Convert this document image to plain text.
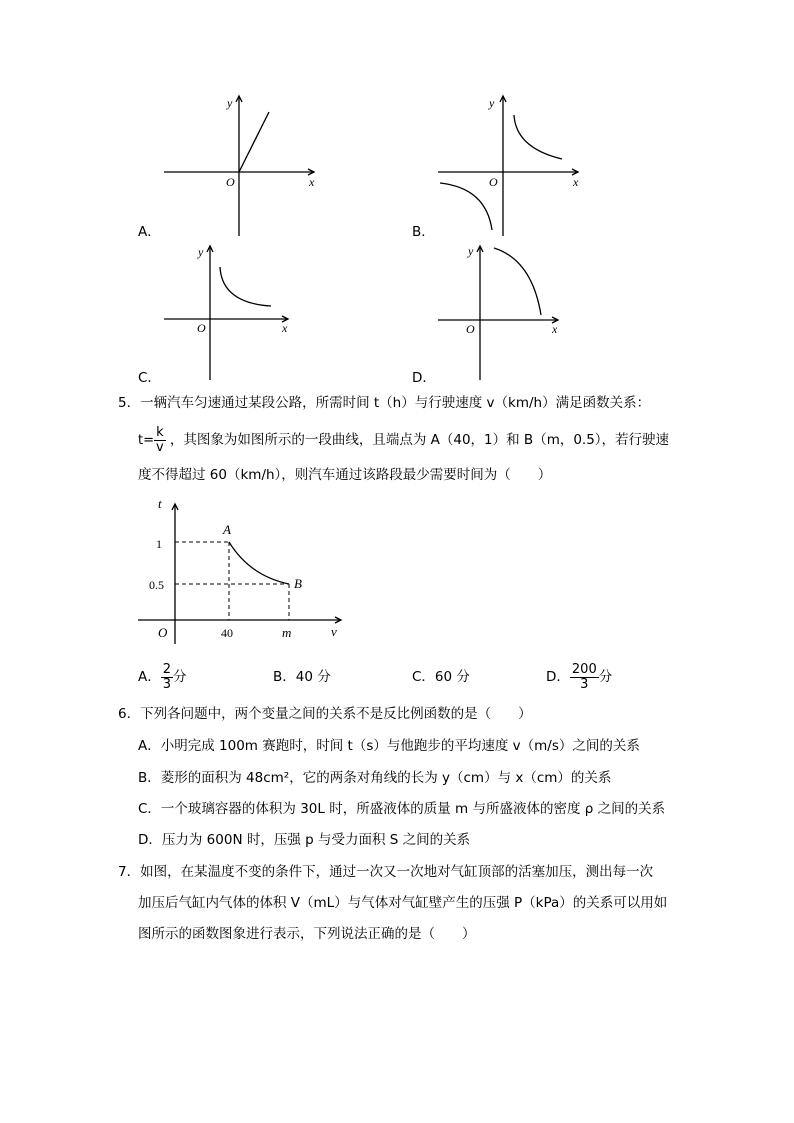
y
x
O
A．
y
x
O
B．
y
x
O
C．
y
x
O
D．
5．一辆汽车匀速通过某段公路，所需时间 t（h）与行驶速度 v（km/h）满足函数关系：
$t= \frac{k}{v}$ ，其图象为如图所示的一段曲线，且端点为 A（40，1）和 B（m，0.5），若行驶速
度不得超过 60（km/h），则汽车通过该路段最少需要时间为（　　）
t
v
O
1
0.5
40	m
A
B
A． $\frac{2}{3}$ 分	B．40 分	C．60 分	D． $\frac{200}{3}$ 分
6．下列各问题中，两个变量之间的关系不是反比例函数的是（　　）
A．小明完成 100m 赛跑时，时间 t（s）与他跑步的平均速度 v（m/s）之间的关系
B．菱形的面积为 48cm²，它的两条对角线的长为 y（cm）与 x（cm）的关系
C．一个玻璃容器的体积为 30L 时，所盛液体的质量 m 与所盛液体的密度 ρ 之间的关系
D．压力为 600N 时，压强 p 与受力面积 S 之间的关系
7．如图，在某温度不变的条件下，通过一次又一次地对气缸顶部的活塞加压，测出每一次
加压后气缸内气体的体积 V（mL）与气体对气缸壁产生的压强 P（kPa）的关系可以用如
图所示的函数图象进行表示，下列说法正确的是（　　）
